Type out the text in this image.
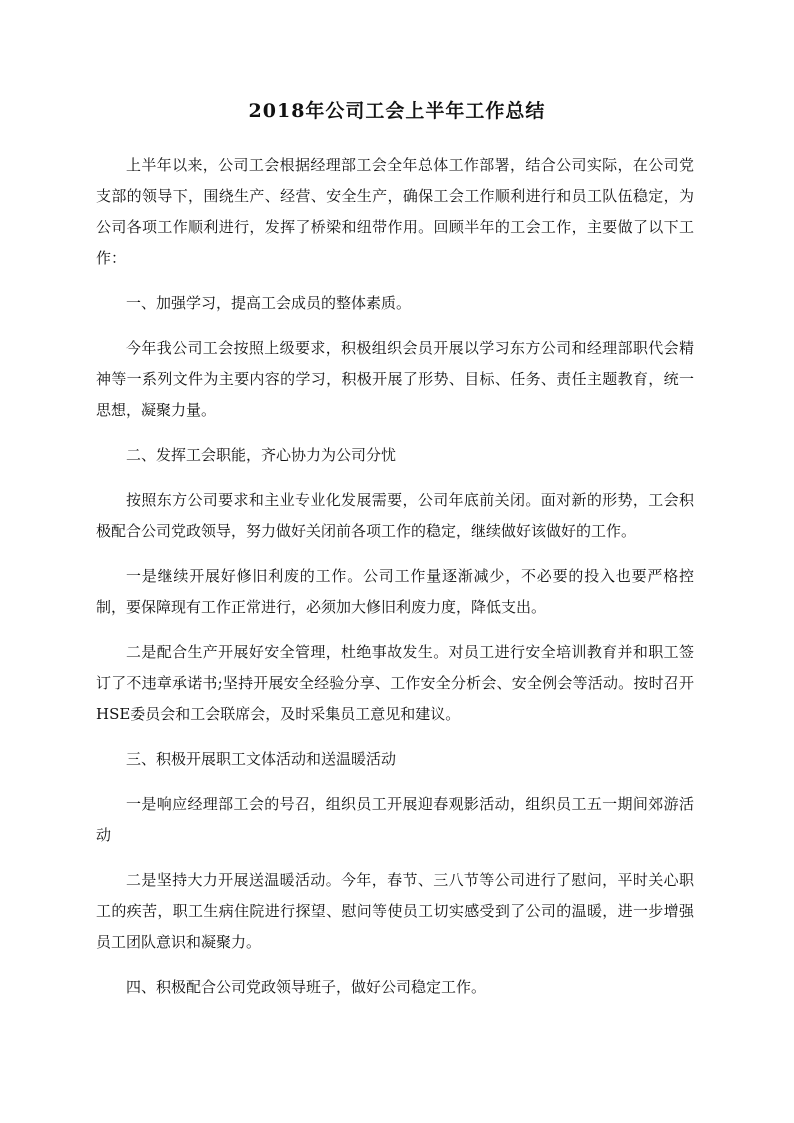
2018年公司工会上半年工作总结

上半年以来，公司工会根据经理部工会全年总体工作部署，结合公司实际，在公司党支部的领导下，围绕生产、经营、安全生产，确保工会工作顺利进行和员工队伍稳定，为公司各项工作顺利进行，发挥了桥梁和纽带作用。回顾半年的工会工作，主要做了以下工作：

一、加强学习，提高工会成员的整体素质。

今年我公司工会按照上级要求，积极组织会员开展以学习东方公司和经理部职代会精神等一系列文件为主要内容的学习，积极开展了形势、目标、任务、责任主题教育，统一思想，凝聚力量。

二、发挥工会职能，齐心协力为公司分忧

按照东方公司要求和主业专业化发展需要，公司年底前关闭。面对新的形势，工会积极配合公司党政领导，努力做好关闭前各项工作的稳定，继续做好该做好的工作。

一是继续开展好修旧利废的工作。公司工作量逐渐减少，不必要的投入也要严格控制，要保障现有工作正常进行，必须加大修旧利废力度，降低支出。

二是配合生产开展好安全管理，杜绝事故发生。对员工进行安全培训教育并和职工签订了不违章承诺书;坚持开展安全经验分享、工作安全分析会、安全例会等活动。按时召开HSE委员会和工会联席会，及时采集员工意见和建议。

三、积极开展职工文体活动和送温暖活动

一是响应经理部工会的号召，组织员工开展迎春观影活动，组织员工五一期间郊游活动

二是坚持大力开展送温暖活动。今年，春节、三八节等公司进行了慰问，平时关心职工的疾苦，职工生病住院进行探望、慰问等使员工切实感受到了公司的温暖，进一步增强员工团队意识和凝聚力。

四、积极配合公司党政领导班子，做好公司稳定工作。
